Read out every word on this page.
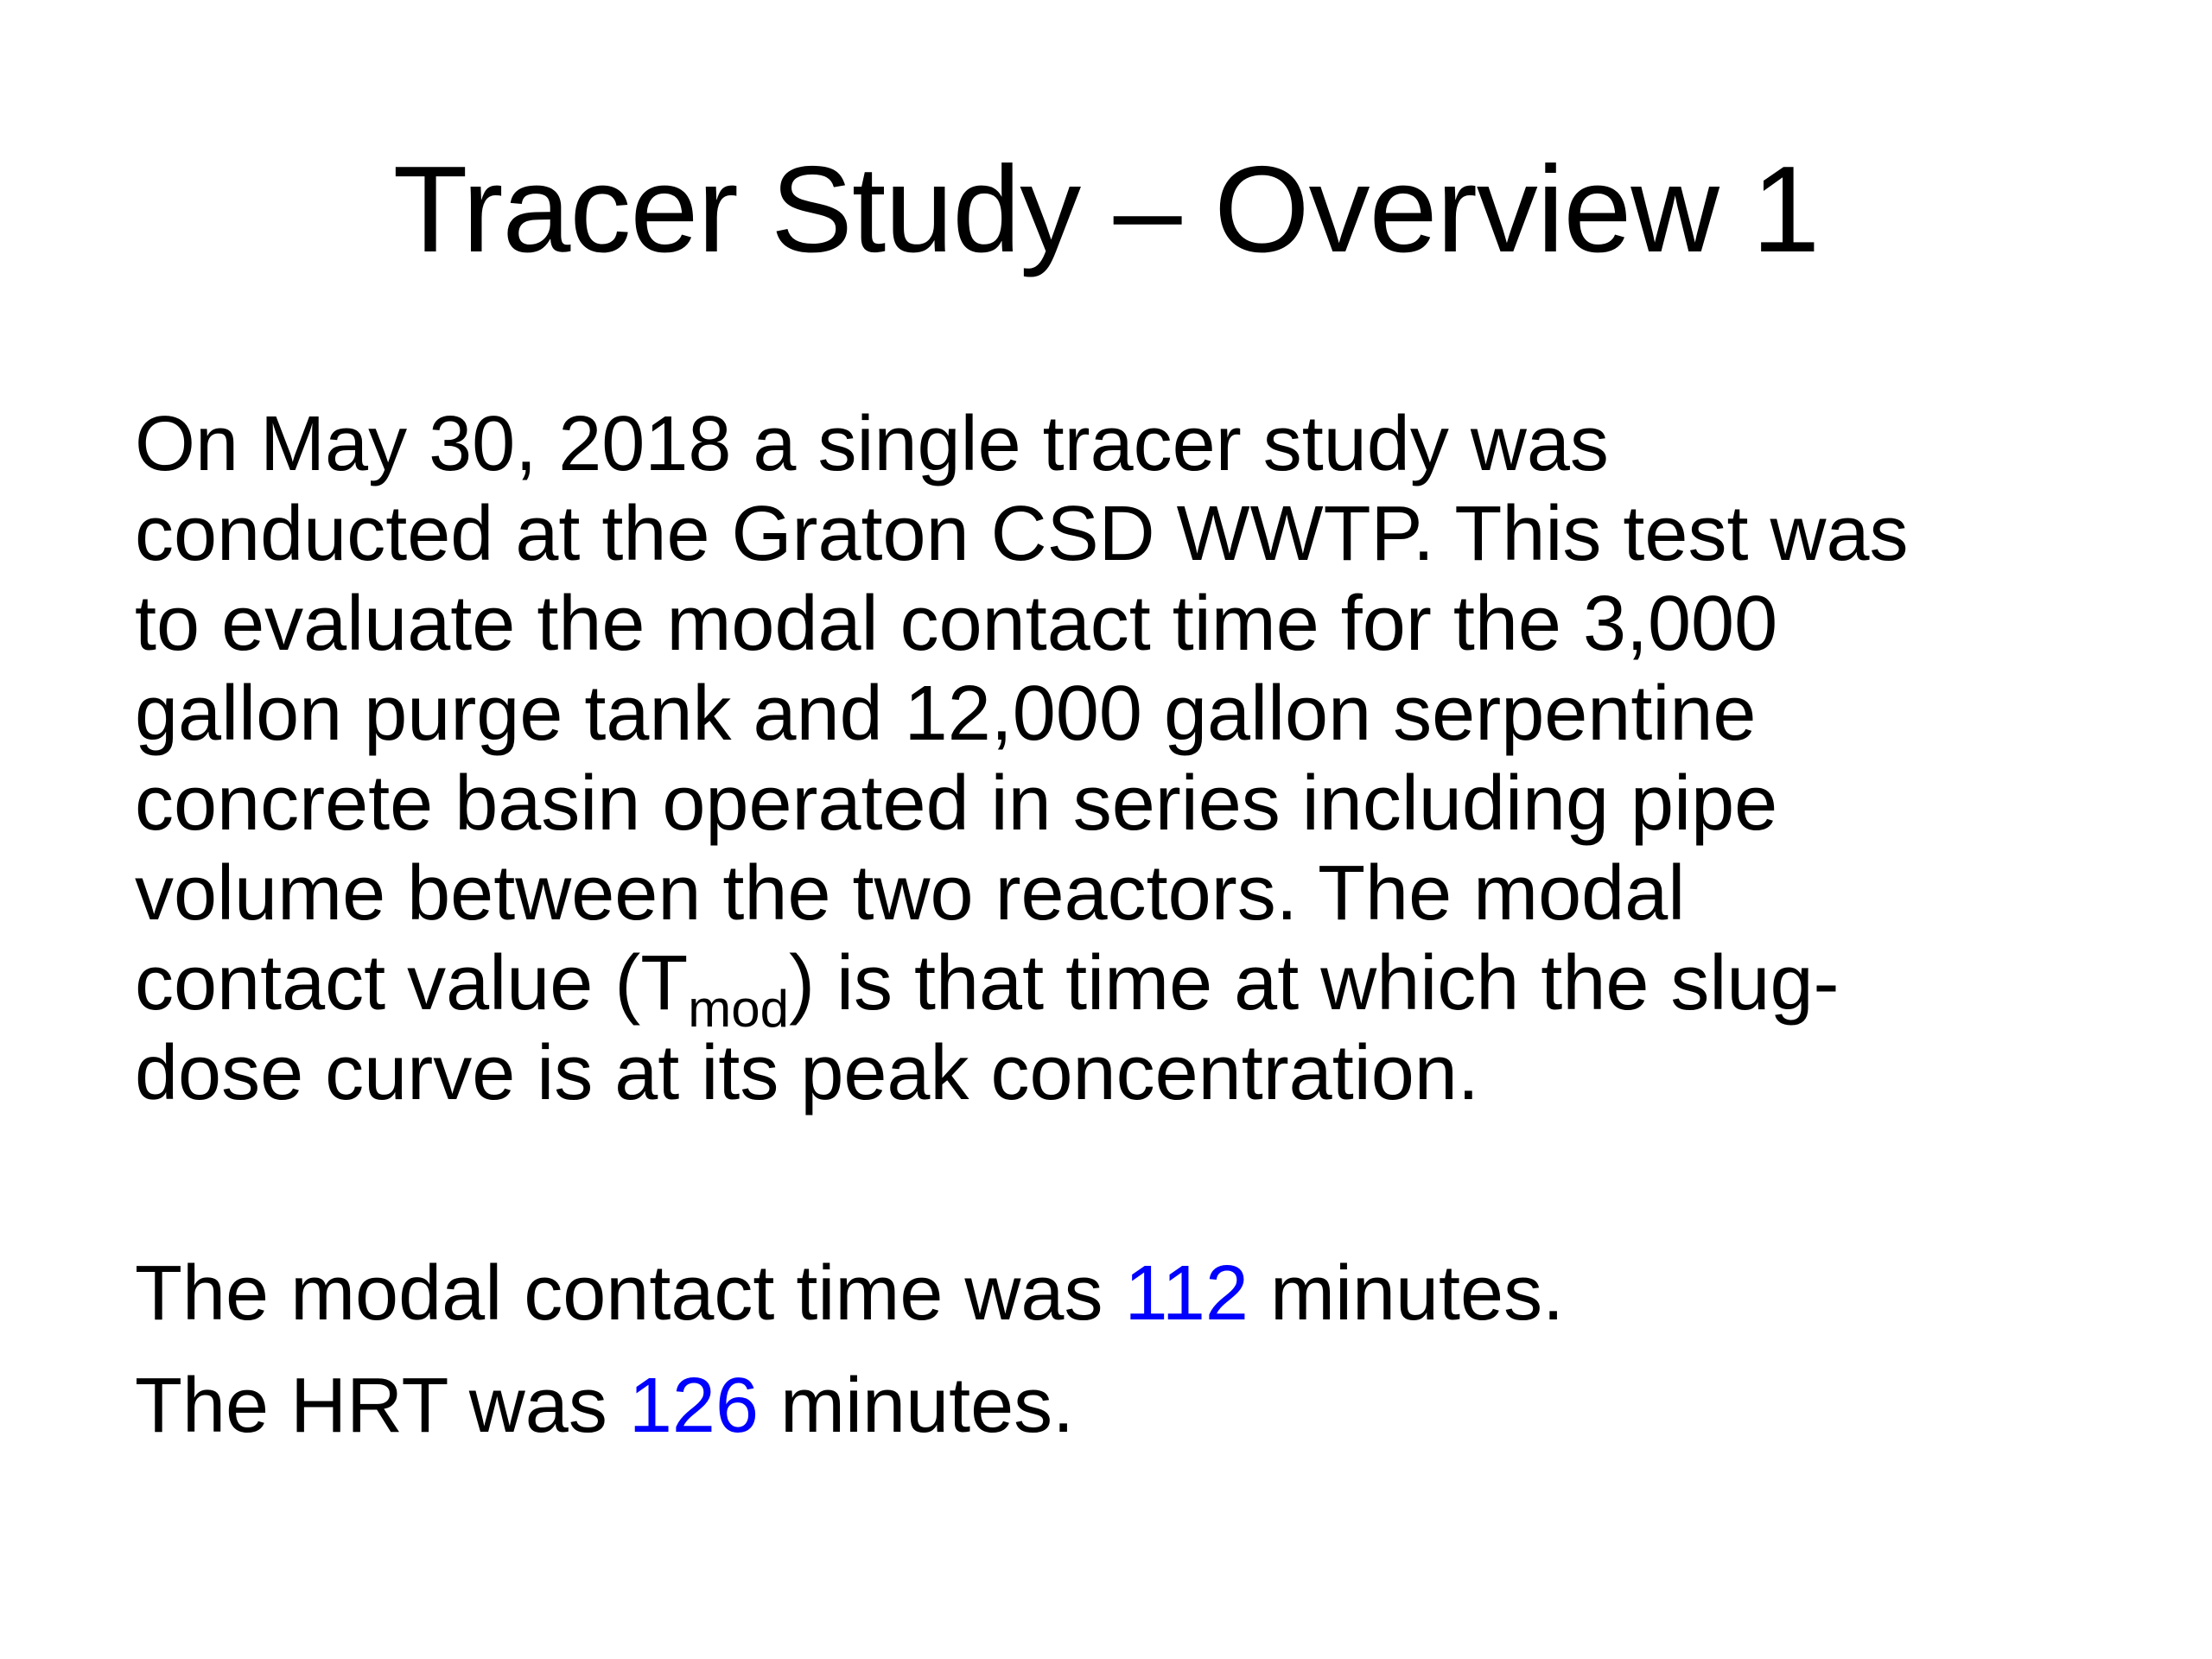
Tracer Study – Overview 1
On May 30, 2018 a single tracer study was
conducted at the Graton CSD WWTP. This test was
to evaluate the modal contact time for the 3,000
gallon purge tank and 12,000 gallon serpentine
concrete basin operated in series including pipe
volume between the two reactors. The modal
contact value $(T_{mod})$ is that time at which the slug-
dose curve is at its peak concentration.
The modal contact time was 112 minutes.
The HRT was 126 minutes.
